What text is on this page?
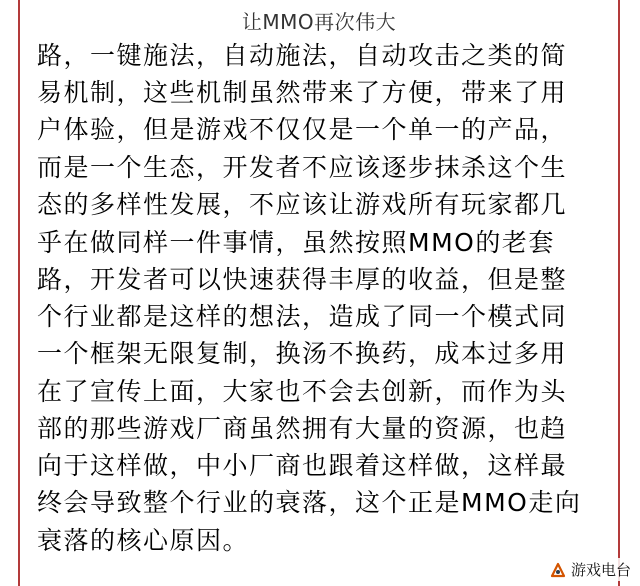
让MMO再次伟大
路，一键施法，自动施法，自动攻击之类的简
易机制，这些机制虽然带来了方便，带来了用
户体验，但是游戏不仅仅是一个单一的产品，
而是一个生态，开发者不应该逐步抹杀这个生
态的多样性发展，不应该让游戏所有玩家都几
乎在做同样一件事情，虽然按照MMO的老套
路，开发者可以快速获得丰厚的收益，但是整
个行业都是这样的想法，造成了同一个模式同
一个框架无限复制，换汤不换药，成本过多用
在了宣传上面，大家也不会去创新，而作为头
部的那些游戏厂商虽然拥有大量的资源，也趋
向于这样做，中小厂商也跟着这样做，这样最
终会导致整个行业的衰落，这个正是MMO走向
衰落的核心原因。
游戏电台
